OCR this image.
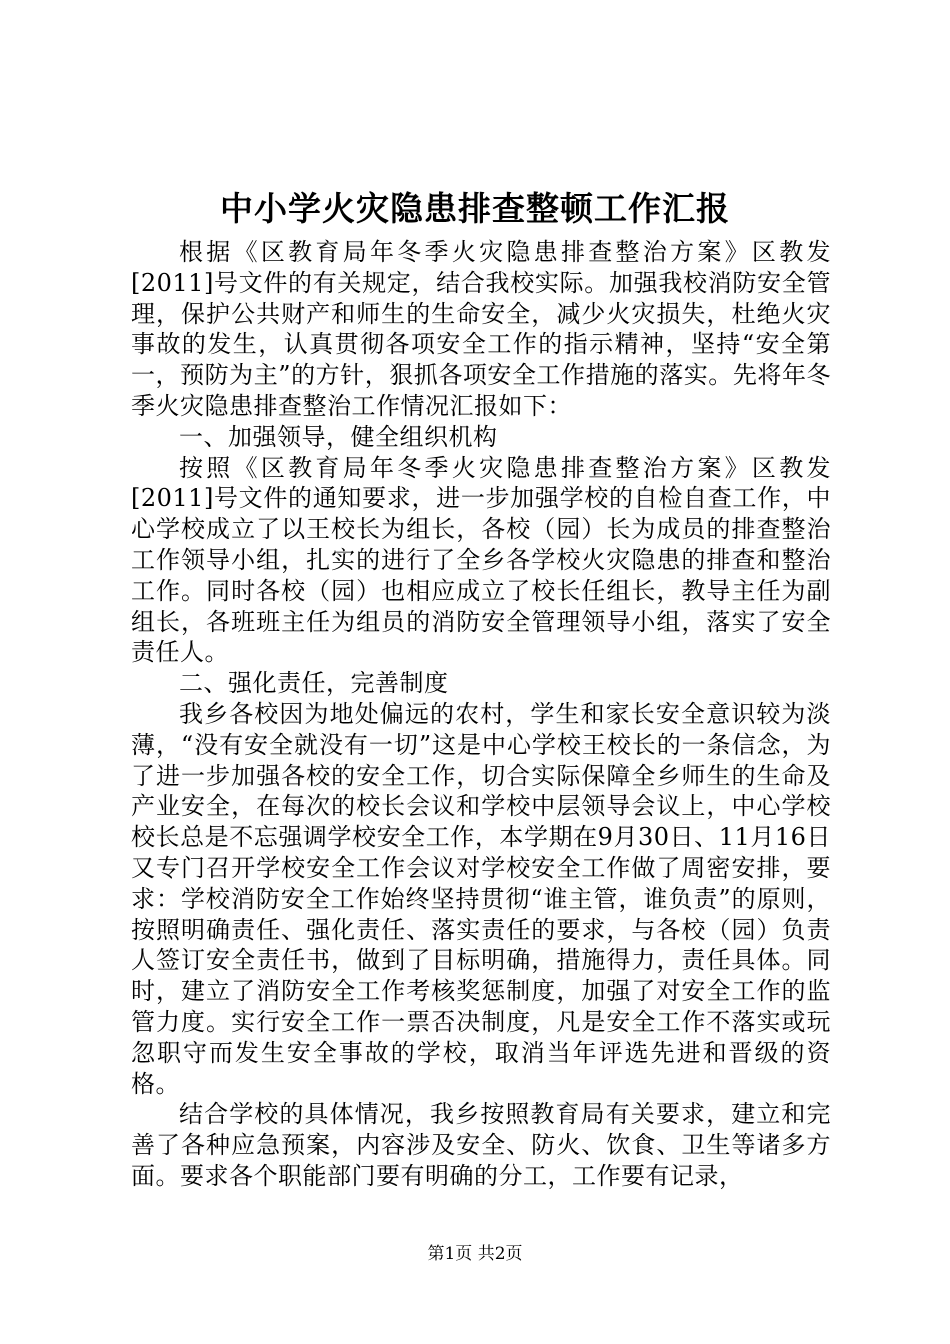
中小学火灾隐患排查整顿工作汇报

根据《区教育局年冬季火灾隐患排查整治方案》区教发[2011]号文件的有关规定，结合我校实际。加强我校消防安全管理，保护公共财产和师生的生命安全，减少火灾损失，杜绝火灾事故的发生，认真贯彻各项安全工作的指示精神，坚持“安全第一，预防为主”的方针，狠抓各项安全工作措施的落实。先将年冬季火灾隐患排查整治工作情况汇报如下：

一、加强领导，健全组织机构

按照《区教育局年冬季火灾隐患排查整治方案》区教发[2011]号文件的通知要求，进一步加强学校的自检自查工作，中心学校成立了以王校长为组长，各校（园）长为成员的排查整治工作领导小组，扎实的进行了全乡各学校火灾隐患的排查和整治工作。同时各校（园）也相应成立了校长任组长，教导主任为副组长，各班班主任为组员的消防安全管理领导小组，落实了安全责任人。

二、强化责任，完善制度

我乡各校因为地处偏远的农村，学生和家长安全意识较为淡薄，“没有安全就没有一切”这是中心学校王校长的一条信念，为了进一步加强各校的安全工作，切合实际保障全乡师生的生命及产业安全，在每次的校长会议和学校中层领导会议上，中心学校校长总是不忘强调学校安全工作，本学期在9月30日、11月16日又专门召开学校安全工作会议对学校安全工作做了周密安排，要求：学校消防安全工作始终坚持贯彻“谁主管，谁负责”的原则，按照明确责任、强化责任、落实责任的要求，与各校（园）负责人签订安全责任书，做到了目标明确，措施得力，责任具体。同时，建立了消防安全工作考核奖惩制度，加强了对安全工作的监管力度。实行安全工作一票否决制度，凡是安全工作不落实或玩忽职守而发生安全事故的学校，取消当年评选先进和晋级的资格。

结合学校的具体情况，我乡按照教育局有关要求，建立和完善了各种应急预案，内容涉及安全、防火、饮食、卫生等诸多方面。要求各个职能部门要有明确的分工，工作要有记录，

第1页 共2页
